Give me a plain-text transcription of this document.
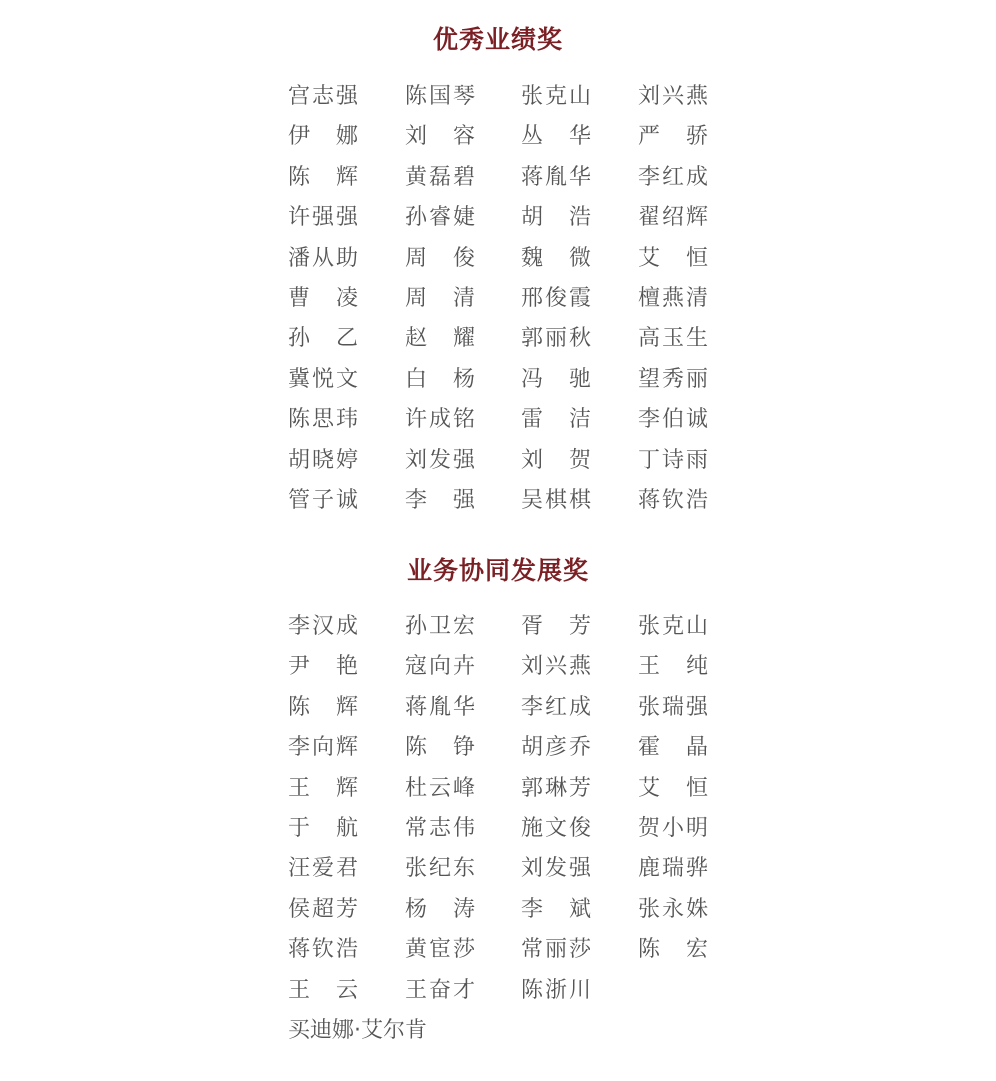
优秀业绩奖
宫 志 强 陈 国 琴 张 克 山 刘 兴 燕
伊 娜 刘 容 丛 华 严 骄
陈 辉 黄 磊 碧 蒋 胤 华 李 红 成
许 强 强 孙 睿 婕 胡 浩 翟 绍 辉
潘 从 助 周 俊 魏 微 艾 恒
曹 凌 周 清 邢 俊 霞 檀 燕 清
孙 乙 赵 耀 郭 丽 秋 高 玉 生
冀 悦 文 白 杨 冯 驰 望 秀 丽
陈 思 玮 许 成 铭 雷 洁 李 伯 诚
胡 晓 婷 刘 发 强 刘 贺 丁 诗 雨
管 子 诚 李 强 吴 棋 棋 蒋 钦 浩
业务协同发展奖
李 汉 成 孙 卫 宏 胥 芳 张 克 山
尹 艳 寇 向 卉 刘 兴 燕 王 纯
陈 辉 蒋 胤 华 李 红 成 张 瑞 强
李 向 辉 陈 铮 胡 彦 乔 霍 晶
王 辉 杜 云 峰 郭 琳 芳 艾 恒
于 航 常 志 伟 施 文 俊 贺 小 明
汪 爱 君 张 纪 东 刘 发 强 鹿 瑞 骅
侯 超 芳 杨 涛 李 斌 张 永 姝
蒋 钦 浩 黄 宦 莎 常 丽 莎 陈 宏
王 云 王 奋 才 陈 浙 川
买迪娜·艾尔肯
